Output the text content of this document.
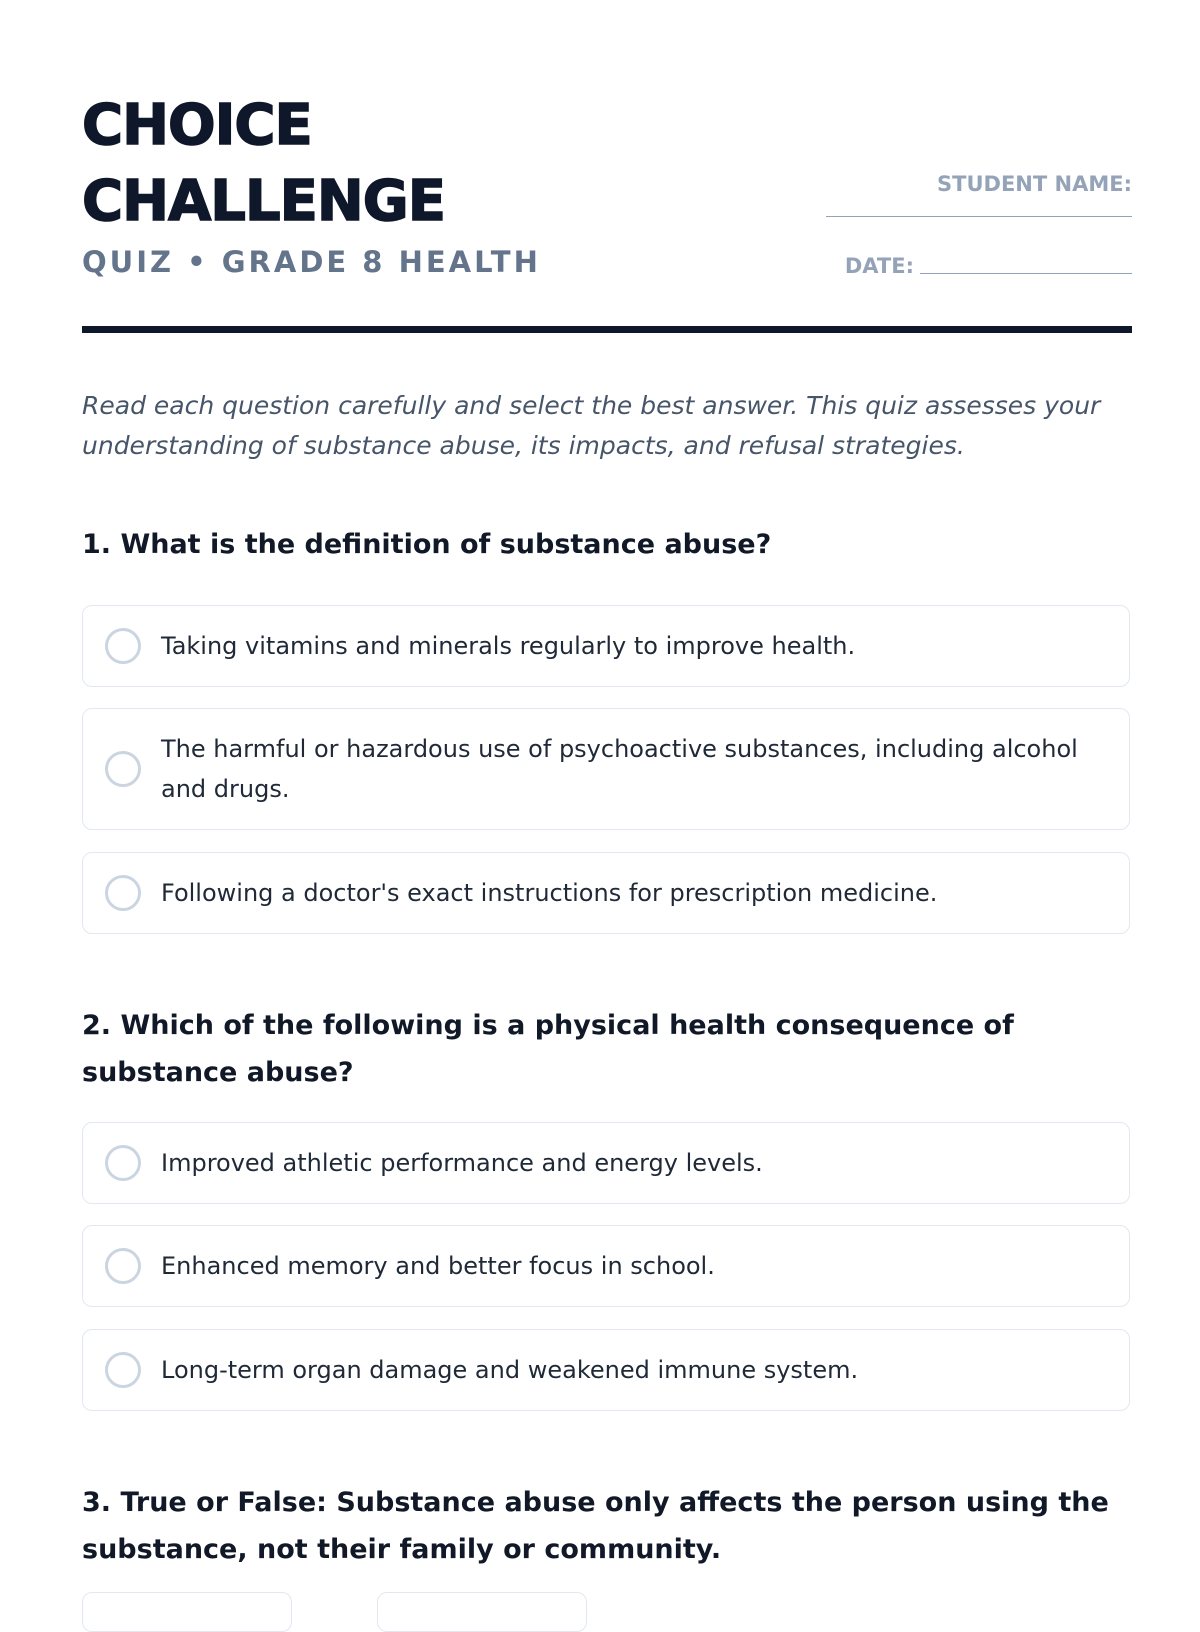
CHOICE
CHALLENGE
QUIZ • GRADE 8 HEALTH
STUDENT NAME:
DATE:

Read each question carefully and select the best answer. This quiz assesses your understanding of substance abuse, its impacts, and refusal strategies.

1. What is the definition of substance abuse?
Taking vitamins and minerals regularly to improve health.
The harmful or hazardous use of psychoactive substances, including alcohol and drugs.
Following a doctor's exact instructions for prescription medicine.
2. Which of the following is a physical health consequence of substance abuse?
Improved athletic performance and energy levels.
Enhanced memory and better focus in school.
Long-term organ damage and weakened immune system.
3. True or False: Substance abuse only affects the person using the substance, not their family or community.
